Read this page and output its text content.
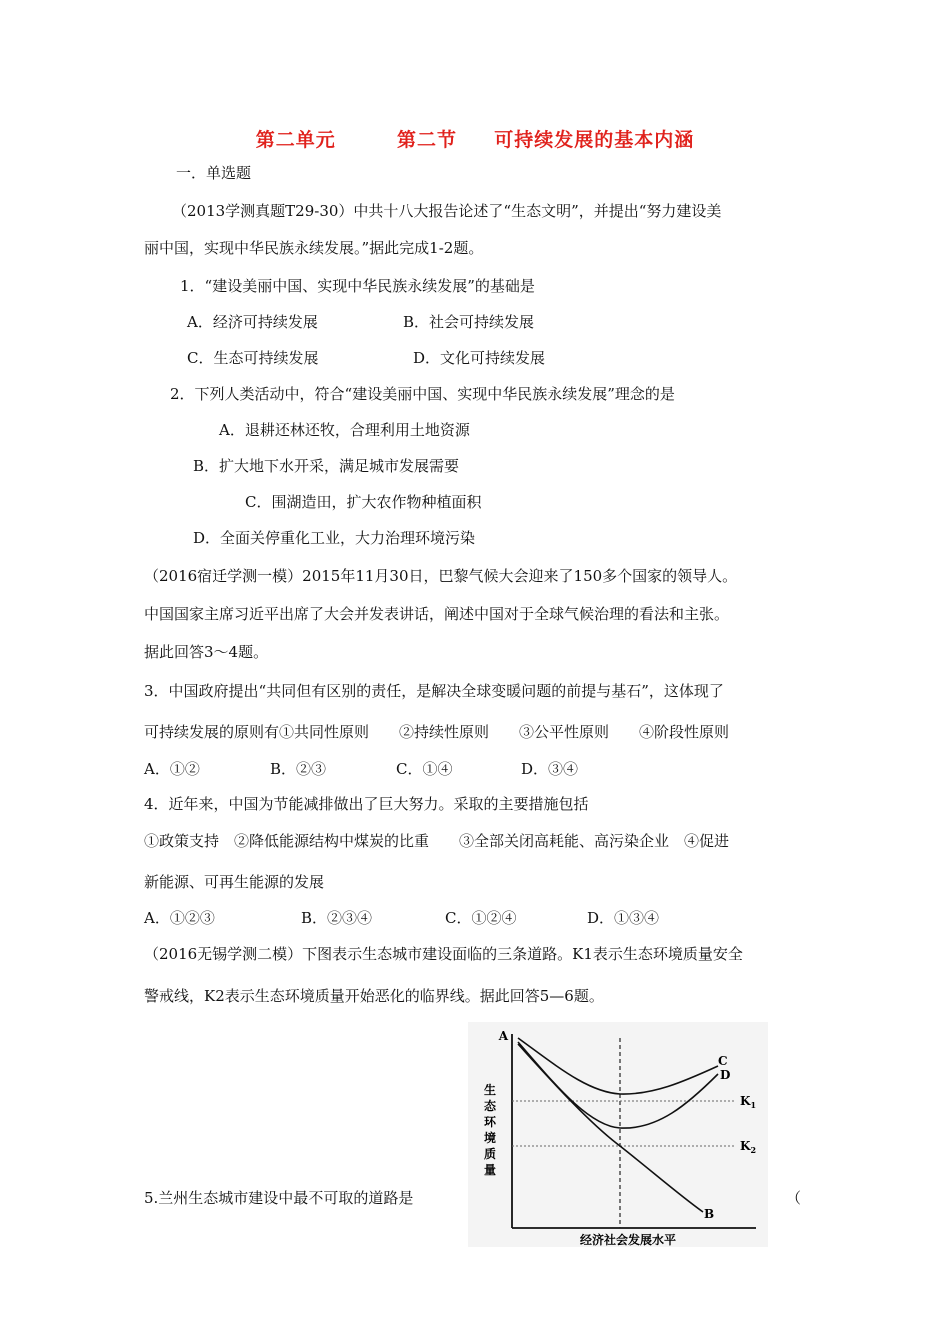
第二单元	第二节 可持续发展的基本内涵
一．单选题
（2013学测真题T29-30）中共十八大报告论述了“生态文明”，并提出“努力建设美
丽中国，实现中华民族永续发展。”据此完成1-2题。
1．“建设美丽中国、实现中华民族永续发展”的基础是
A．经济可持续发展	B．社会可持续发展
C．生态可持续发展	D．文化可持续发展
2．下列人类活动中，符合“建设美丽中国、实现中华民族永续发展”理念的是
A．退耕还林还牧，合理利用土地资源
B．扩大地下水开采，满足城市发展需要
C．围湖造田，扩大农作物种植面积
D．全面关停重化工业，大力治理环境污染
（2016宿迁学测一模）2015年11月30日，巴黎气候大会迎来了150多个国家的领导人。
中国国家主席习近平出席了大会并发表讲话，阐述中国对于全球气候治理的看法和主张。
据此回答3～4题。
3．中国政府提出“共同但有区别的责任，是解决全球变暖问题的前提与基石”，这体现了
可持续发展的原则有①共同性原则　　②持续性原则　　③公平性原则　　④阶段性原则
A．①②	B．②③	C．①④	D．③④
4．近年来，中国为节能减排做出了巨大努力。采取的主要措施包括
①政策支持　②降低能源结构中煤炭的比重　　③全部关闭高耗能、高污染企业　④促进
新能源、可再生能源的发展
A．①②③	B．②③④	C．①②④	D．①③④
（2016无锡学测二模）下图表示生态城市建设面临的三条道路。K1表示生态环境质量安全
警戒线，K2表示生态环境质量开始恶化的临界线。据此回答5—6题。
5.兰州生态城市建设中最不可取的道路是	（
A
C
D
B
$K_1$
$K_2$
生
态
环
境
质
量
经济社会发展水平
